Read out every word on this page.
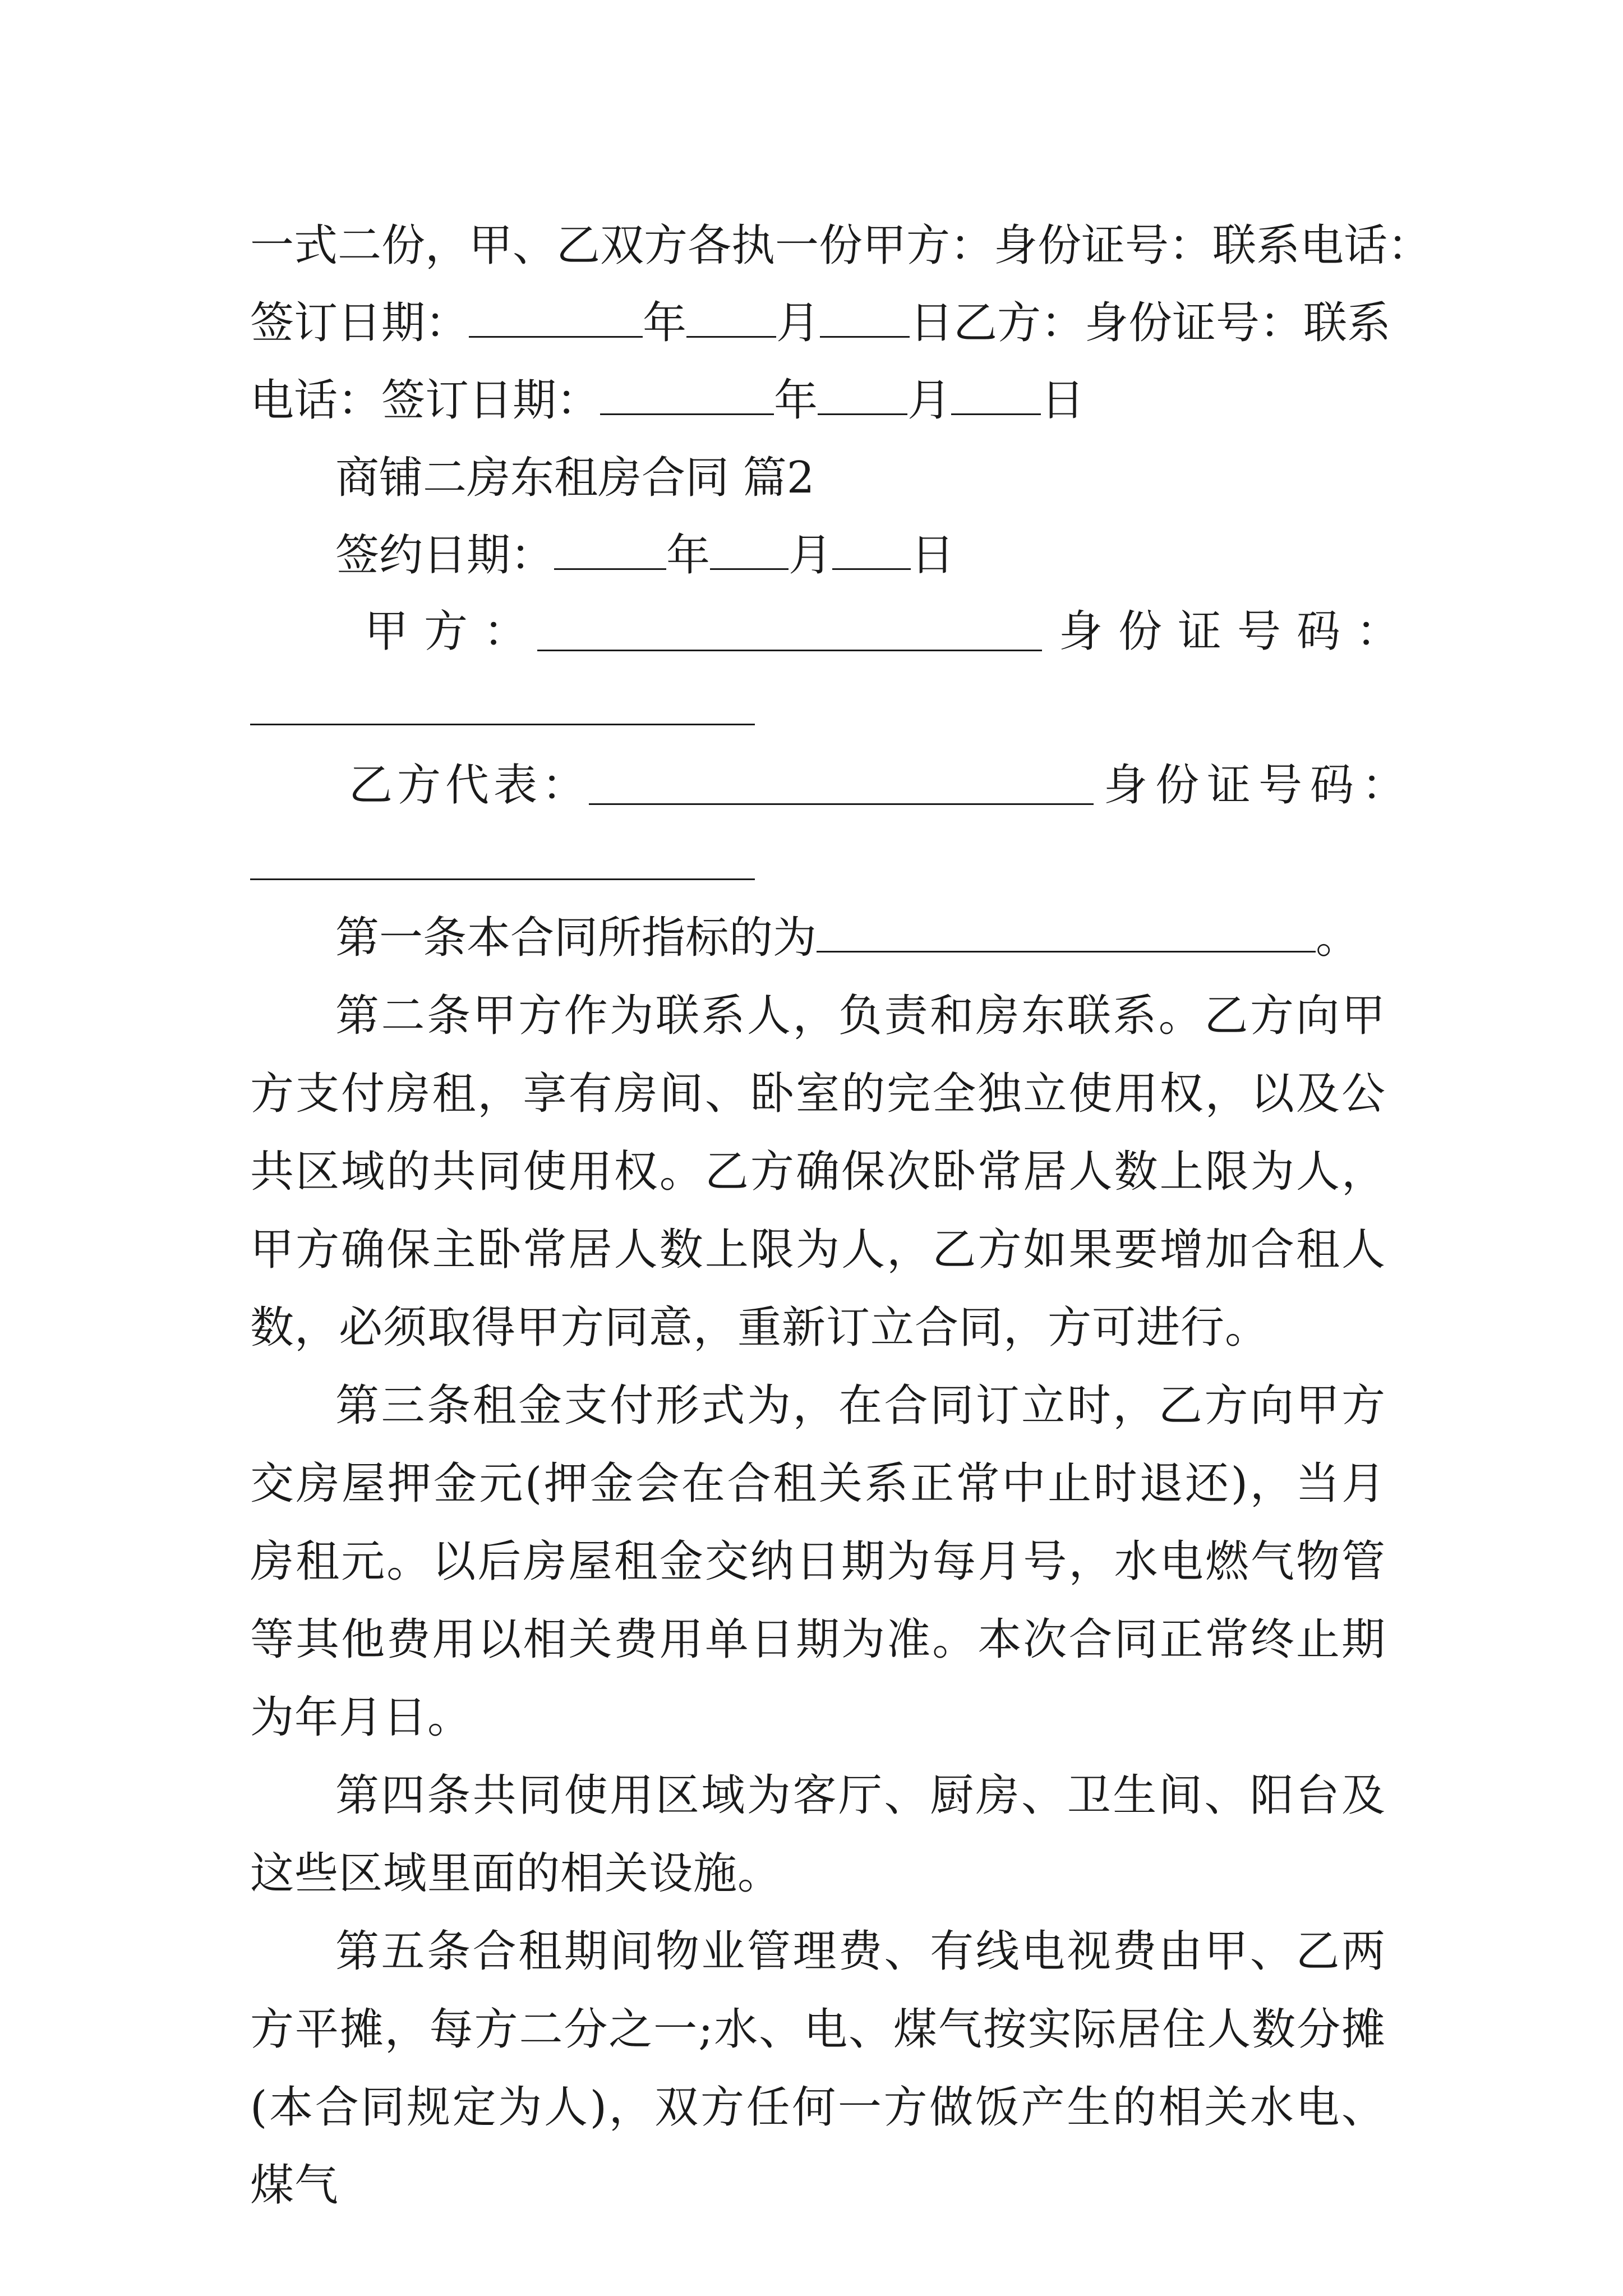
一式二份，甲、乙双方各执一份甲方：身份证号：联系电话：
签订日期：	年 月 日乙方：身份证号：联系
电话：签订日期：	年 月 日
商铺二房东租房合同 篇2
签约日期：	年 月 日
甲方：	身份证号码：
乙方代表：	身份证号码：
第一条本合同所指标的为	。

第二条甲方作为联系人，负责和房东联系。乙方向甲方支付房租，享有房间、卧室的完全独立使用权，以及公共区域的共同使用权。乙方确保次卧常居人数上限为人，甲方确保主卧常居人数上限为人，乙方如果要增加合租人数，必须取得甲方同意，重新订立合同，方可进行。

第三条租金支付形式为，在合同订立时，乙方向甲方交房屋押金元(押金会在合租关系正常中止时退还)，当月房租元。以后房屋租金交纳日期为每月号，水电燃气物管等其他费用以相关费用单日期为准。本次合同正常终止期为年月日。

第四条共同使用区域为客厅、厨房、卫生间、阳台及这些区域里面的相关设施。

第五条合租期间物业管理费、有线电视费由甲、乙两方平摊，每方二分之一;水、电、煤气按实际居住人数分摊(本合同规定为人)，双方任何一方做饭产生的相关水电、煤气
